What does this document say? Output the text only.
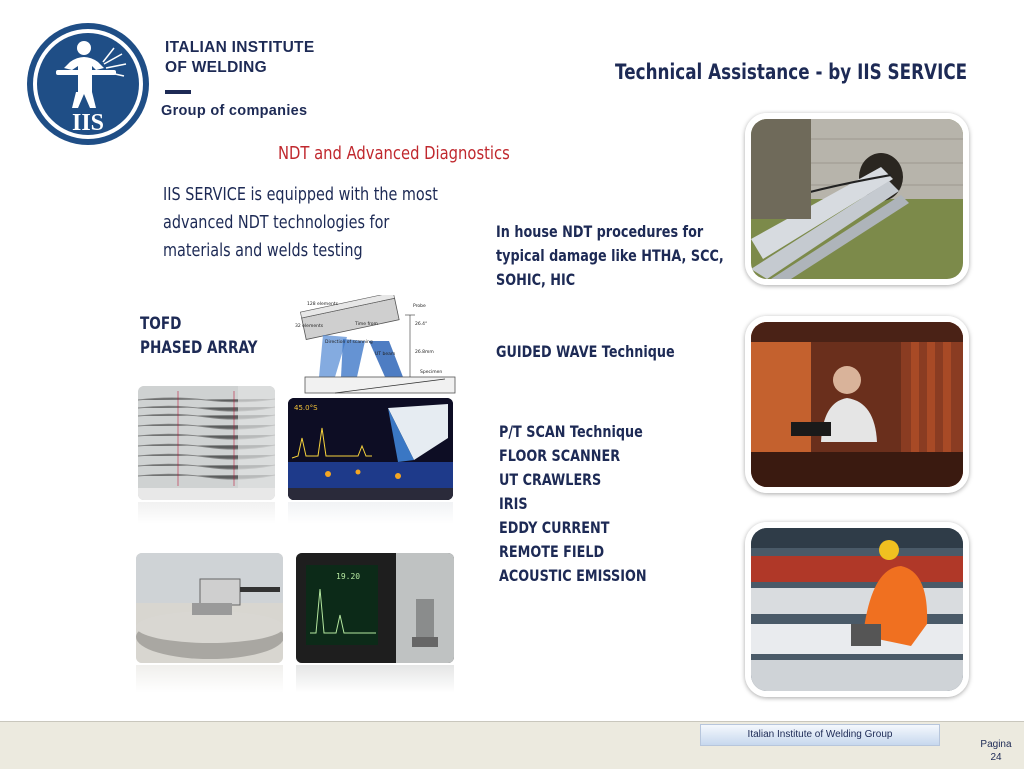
IIS
ITALIAN INSTITUTE
OF WELDING
Group of companies
Technical Assistance - by IIS SERVICE
NDT and Advanced Diagnostics
IIS SERVICE is equipped with the most
advanced NDT technologies for
materials and welds testing
TOFD
PHASED ARRAY
128 elements
32 elements	Time from
Probe
Direction of scanning
UT beam
Specimen
26.4°
26.8mm
45.0°S
19.20
In house NDT procedures for
typical damage like HTHA, SCC,
SOHIC, HIC
GUIDED WAVE Technique
P/T SCAN Technique
FLOOR SCANNER
UT CRAWLERS
IRIS
EDDY CURRENT
REMOTE FIELD
ACOUSTIC EMISSION
Italian Institute of Welding Group
Pagina
24
